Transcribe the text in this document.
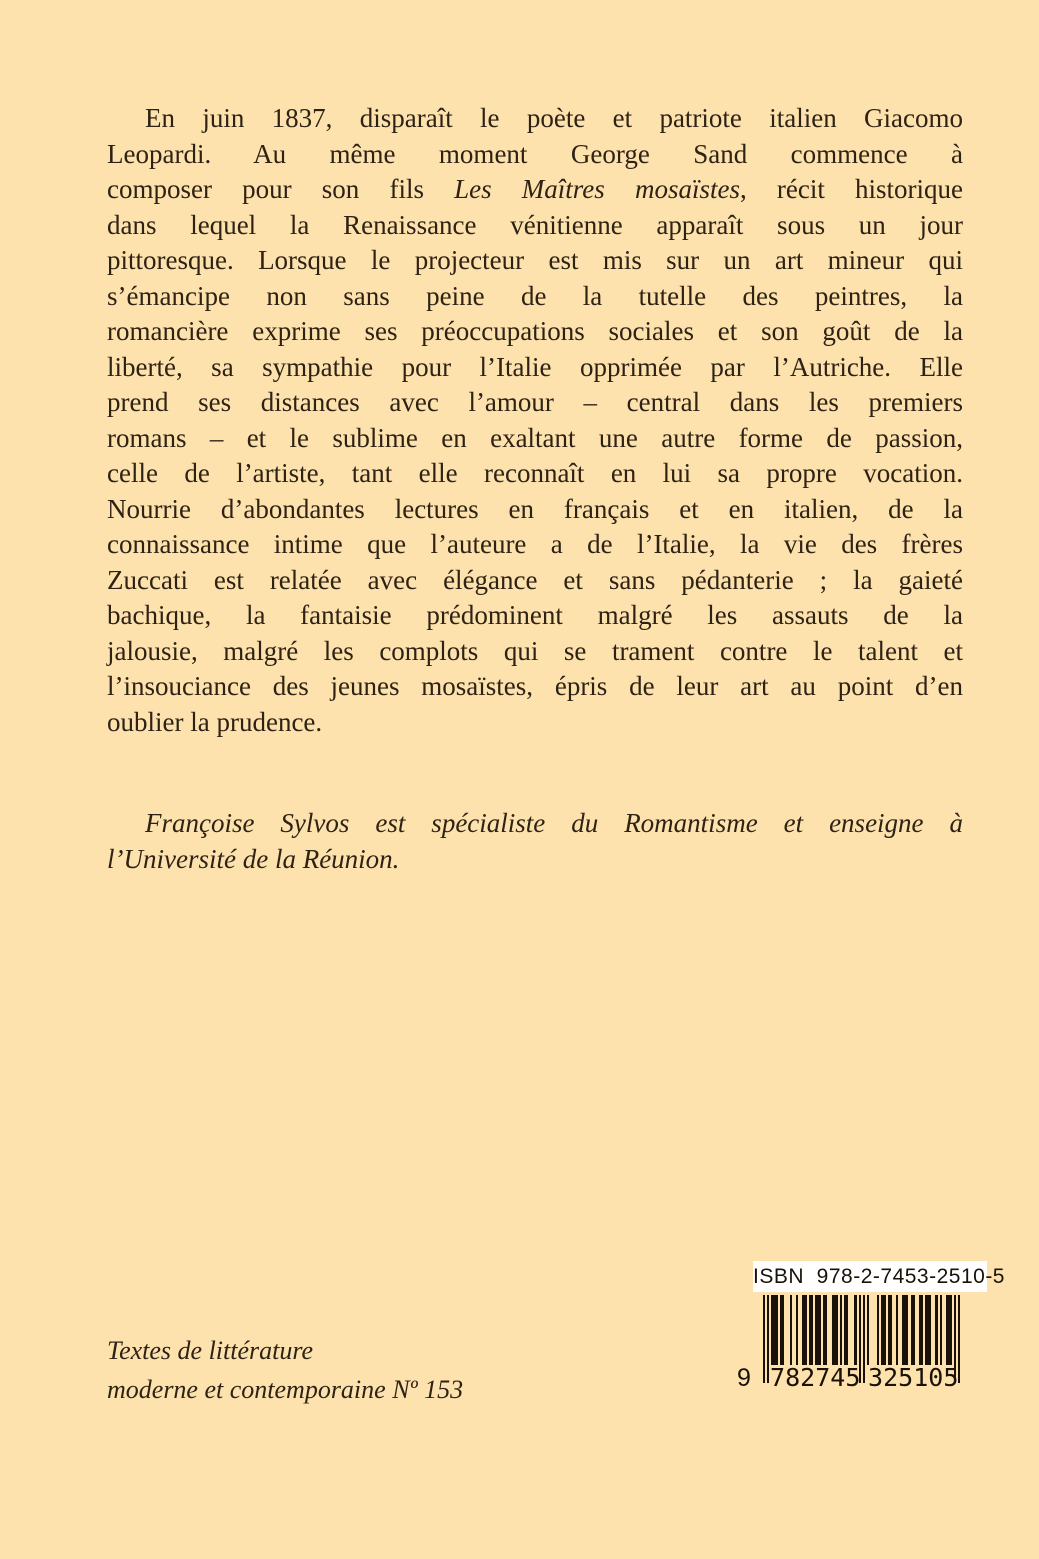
En juin 1837, disparaît le poète et patriote italien Giacomo
Leopardi. Au même moment George Sand commence à
composer pour son fils Les Maîtres mosaïstes, récit historique
dans lequel la Renaissance vénitienne apparaît sous un jour
pittoresque. Lorsque le projecteur est mis sur un art mineur qui
s’émancipe non sans peine de la tutelle des peintres, la
romancière exprime ses préoccupations sociales et son goût de la
liberté, sa sympathie pour l’Italie opprimée par l’Autriche. Elle
prend ses distances avec l’amour – central dans les premiers
romans – et le sublime en exaltant une autre forme de passion,
celle de l’artiste, tant elle reconnaît en lui sa propre vocation.
Nourrie d’abondantes lectures en français et en italien, de la
connaissance intime que l’auteure a de l’Italie, la vie des frères
Zuccati est relatée avec élégance et sans pédanterie ; la gaieté
bachique, la fantaisie prédominent malgré les assauts de la
jalousie, malgré les complots qui se trament contre le talent et
l’insouciance des jeunes mosaïstes, épris de leur art au point d’en
oublier la prudence.
Françoise Sylvos est spécialiste du Romantisme et enseigne à
l’Université de la Réunion.
Textes de littérature
moderne et contemporaine Nº 153
ISBN  978-2-7453-2510-5
9 7 8 2 7 4 5 3 2 5 1 0 5
